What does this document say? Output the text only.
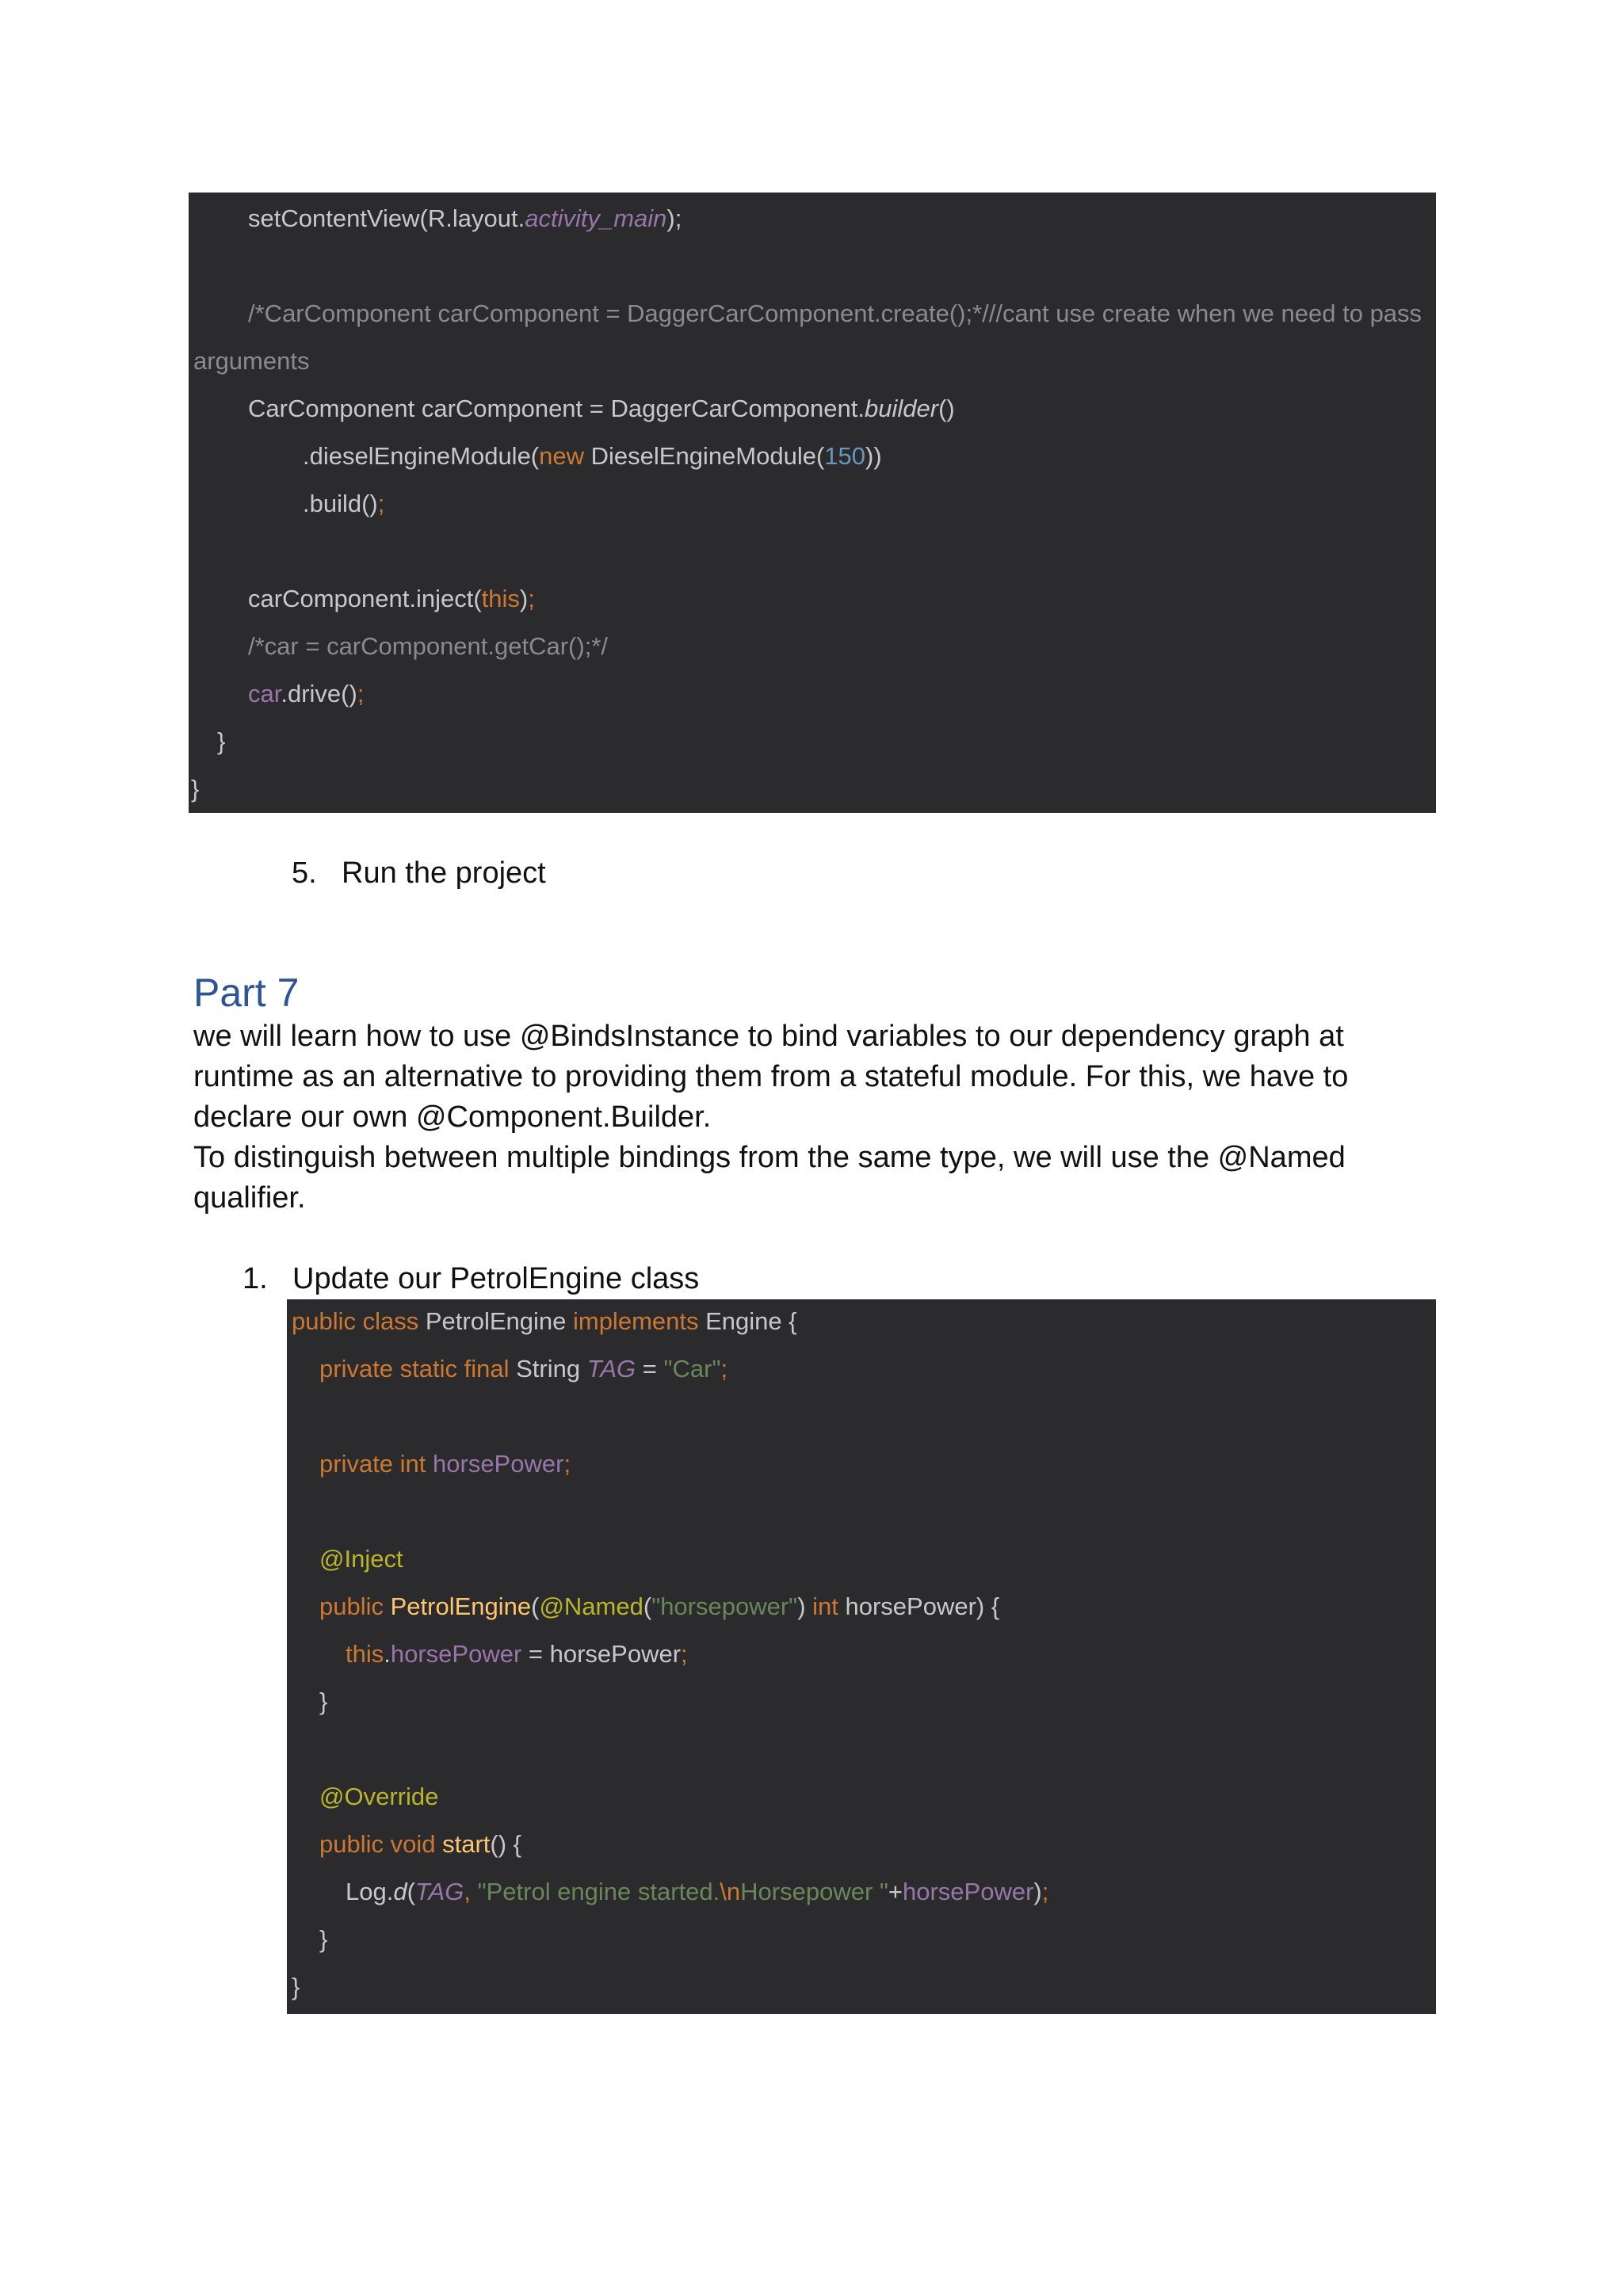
setContentView(R.layout.activity_main);
/*CarComponent carComponent = DaggerCarComponent.create();*///cant use create when we need to pass
arguments
CarComponent carComponent = DaggerCarComponent.builder()
.dieselEngineModule(new DieselEngineModule(150))
.build();
carComponent.inject(this);
/*car = carComponent.getCar();*/
car.drive();
}
}
5. Run the project
Part 7

we will learn how to use @BindsInstance to bind variables to our dependency graph at runtime as an alternative to providing them from a stateful module. For this, we have to declare our own @Component.Builder.

To distinguish between multiple bindings from the same type, we will use the @Named qualifier.

1. Update our PetrolEngine class
public class PetrolEngine implements Engine {
private static final String TAG = "Car";
private int horsePower;
@Inject
public PetrolEngine(@Named("horsepower") int horsePower) {
this.horsePower = horsePower;
}
@Override
public void start() {
Log.d(TAG, "Petrol engine started.\nHorsepower "+horsePower);
}
}
